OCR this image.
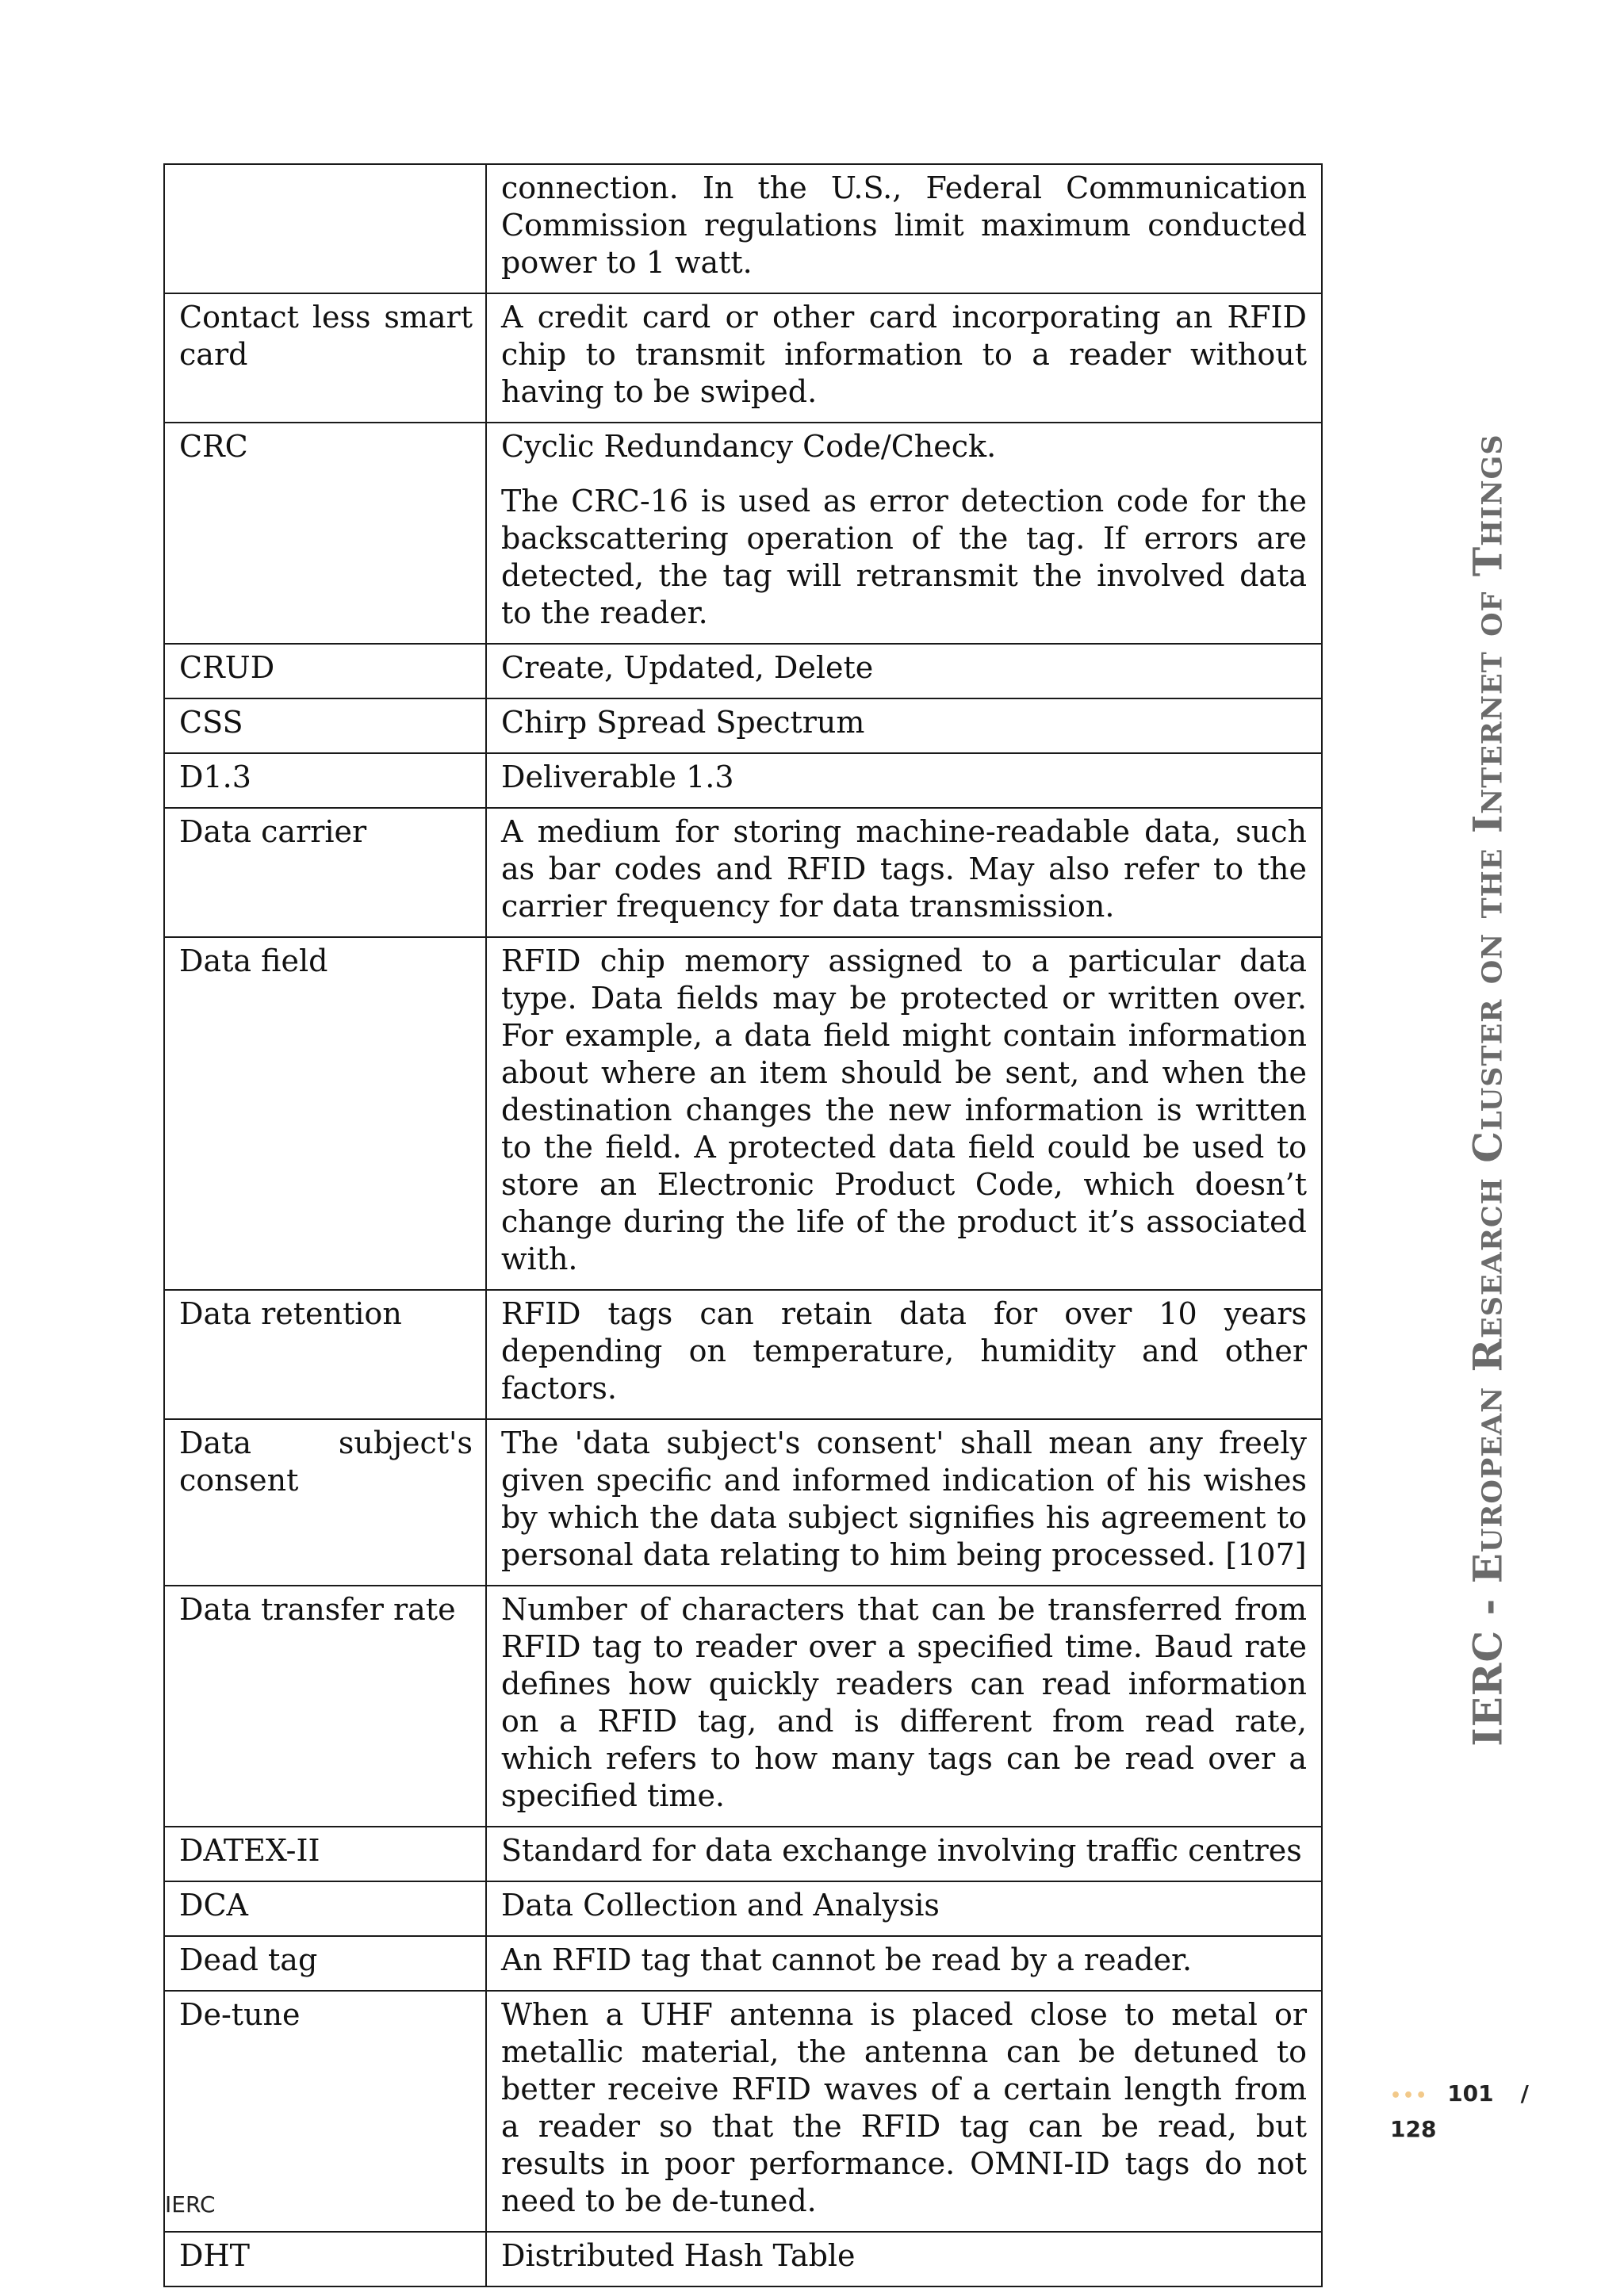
	connection. In the U.S., Federal Communication Commission regulations limit maximum conducted power to 1 watt.

Contact less smart card	A credit card or other card incorporating an RFID chip to transmit information to a reader without having to be swiped.

CRC	Cyclic Redundancy Code/Check.
The CRC-16 is used as error detection code for the backscattering operation of the tag. If errors are detected, the tag will retransmit the involved data to the reader.

CRUD	Create, Updated, Delete

CSS	Chirp Spread Spectrum

D1.3	Deliverable 1.3

Data carrier	A medium for storing machine-readable data, such as bar codes and RFID tags. May also refer to the carrier frequency for data transmission.

Data field	RFID chip memory assigned to a particular data type. Data fields may be protected or written over. For example, a data field might contain information about where an item should be sent, and when the destination changes the new information is written to the field. A protected data field could be used to store an Electronic Product Code, which doesn’t change during the life of the product it’s associated with.

Data retention	RFID tags can retain data for over 10 years depending on temperature, humidity and other factors.

Data subject's consent	The 'data subject's consent' shall mean any freely given specific and informed indication of his wishes by which the data subject signifies his agreement to personal data relating to him being processed. [107]

Data transfer rate	Number of characters that can be transferred from RFID tag to reader over a specified time. Baud rate defines how quickly readers can read information on a RFID tag, and is different from read rate, which refers to how many tags can be read over a specified time.

DATEX-II	Standard for data exchange involving traffic centres

DCA	Data Collection and Analysis

Dead tag	An RFID tag that cannot be read by a reader.

De-tune	When a UHF antenna is placed close to metal or metallic material, the antenna can be detuned to better receive RFID waves of a certain length from a reader so that the RFID tag can be read, but results in poor performance. OMNI-ID tags do not need to be de-tuned.

DHT	Distributed Hash Table
IERC - European Research Cluster on the Internet of Things
••• 101 /
128
IERC
